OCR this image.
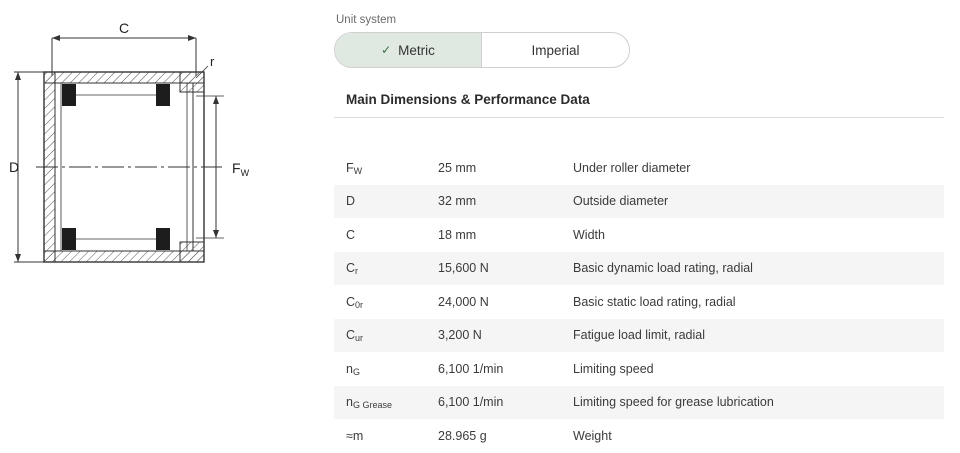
C
D	$F_W$
r
Unit system
✓ Metric	Imperial
Main Dimensions & Performance Data

$F_W$	25 mm	Under roller diameter
D	32 mm	Outside diameter
C	18 mm	Width
$C_r$	15,600 N	Basic dynamic load rating, radial
$C_{0r}$	24,000 N	Basic static load rating, radial
$C_{ur}$	3,200 N	Fatigue load limit, radial
$n_G$	6,100 1/min	Limiting speed
$n_{G Grease}$	6,100 1/min	Limiting speed for grease lubrication
≈m	28.965 g	Weight
